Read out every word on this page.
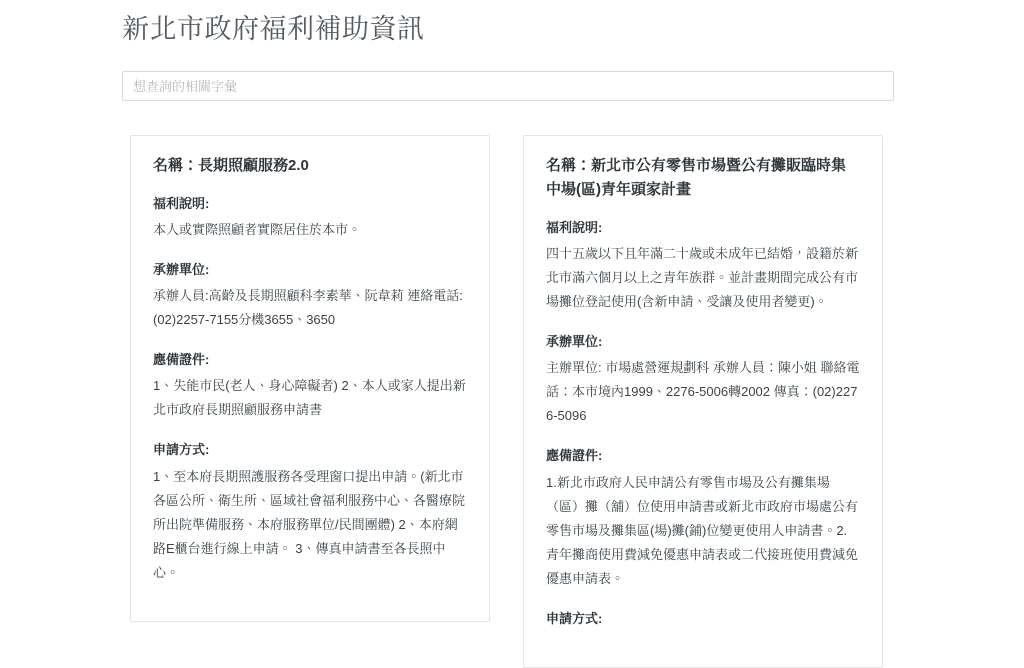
新北市政府福利補助資訊
想查詢的相關字彙
名稱：長期照顧服務2.0
福利說明:
本人或實際照顧者實際居住於本市。
承辦單位:
承辦人員:高齡及長期照顧科李素華、阮韋莉 連絡電話:(02)2257-7155分機3655、3650
應備證件:
1、失能市民(老人、身心障礙者) 2、本人或家人提出新北市政府長期照顧服務申請書
申請方式:
1、至本府長期照護服務各受理窗口提出申請。(新北市各區公所、衛生所、區域社會福利服務中心、各醫療院所出院準備服務、本府服務單位/民間團體) 2、本府網路E櫃台進行線上申請。 3、傳真申請書至各長照中心。
名稱：新北市公有零售市場暨公有攤販臨時集中場(區)青年頭家計畫
福利說明:
四十五歲以下且年滿二十歲或未成年已結婚，設籍於新北市滿六個月以上之青年族群。並計畫期間完成公有市場攤位登記使用(含新申請、受讓及使用者變更)。
承辦單位:
主辦單位: 市場處營運規劃科 承辦人員：陳小姐 聯絡電話：本市境內1999、2276-5006轉2002 傳真：(02)2276-5096
應備證件:
1.新北市政府人民申請公有零售市場及公有攤集場（區）攤（舖）位使用申請書或新北市政府市場處公有零售市場及攤集區(場)攤(鋪)位變更使用人申請書。2.青年攤商使用費減免優惠申請表或二代接班使用費減免優惠申請表。
申請方式:
